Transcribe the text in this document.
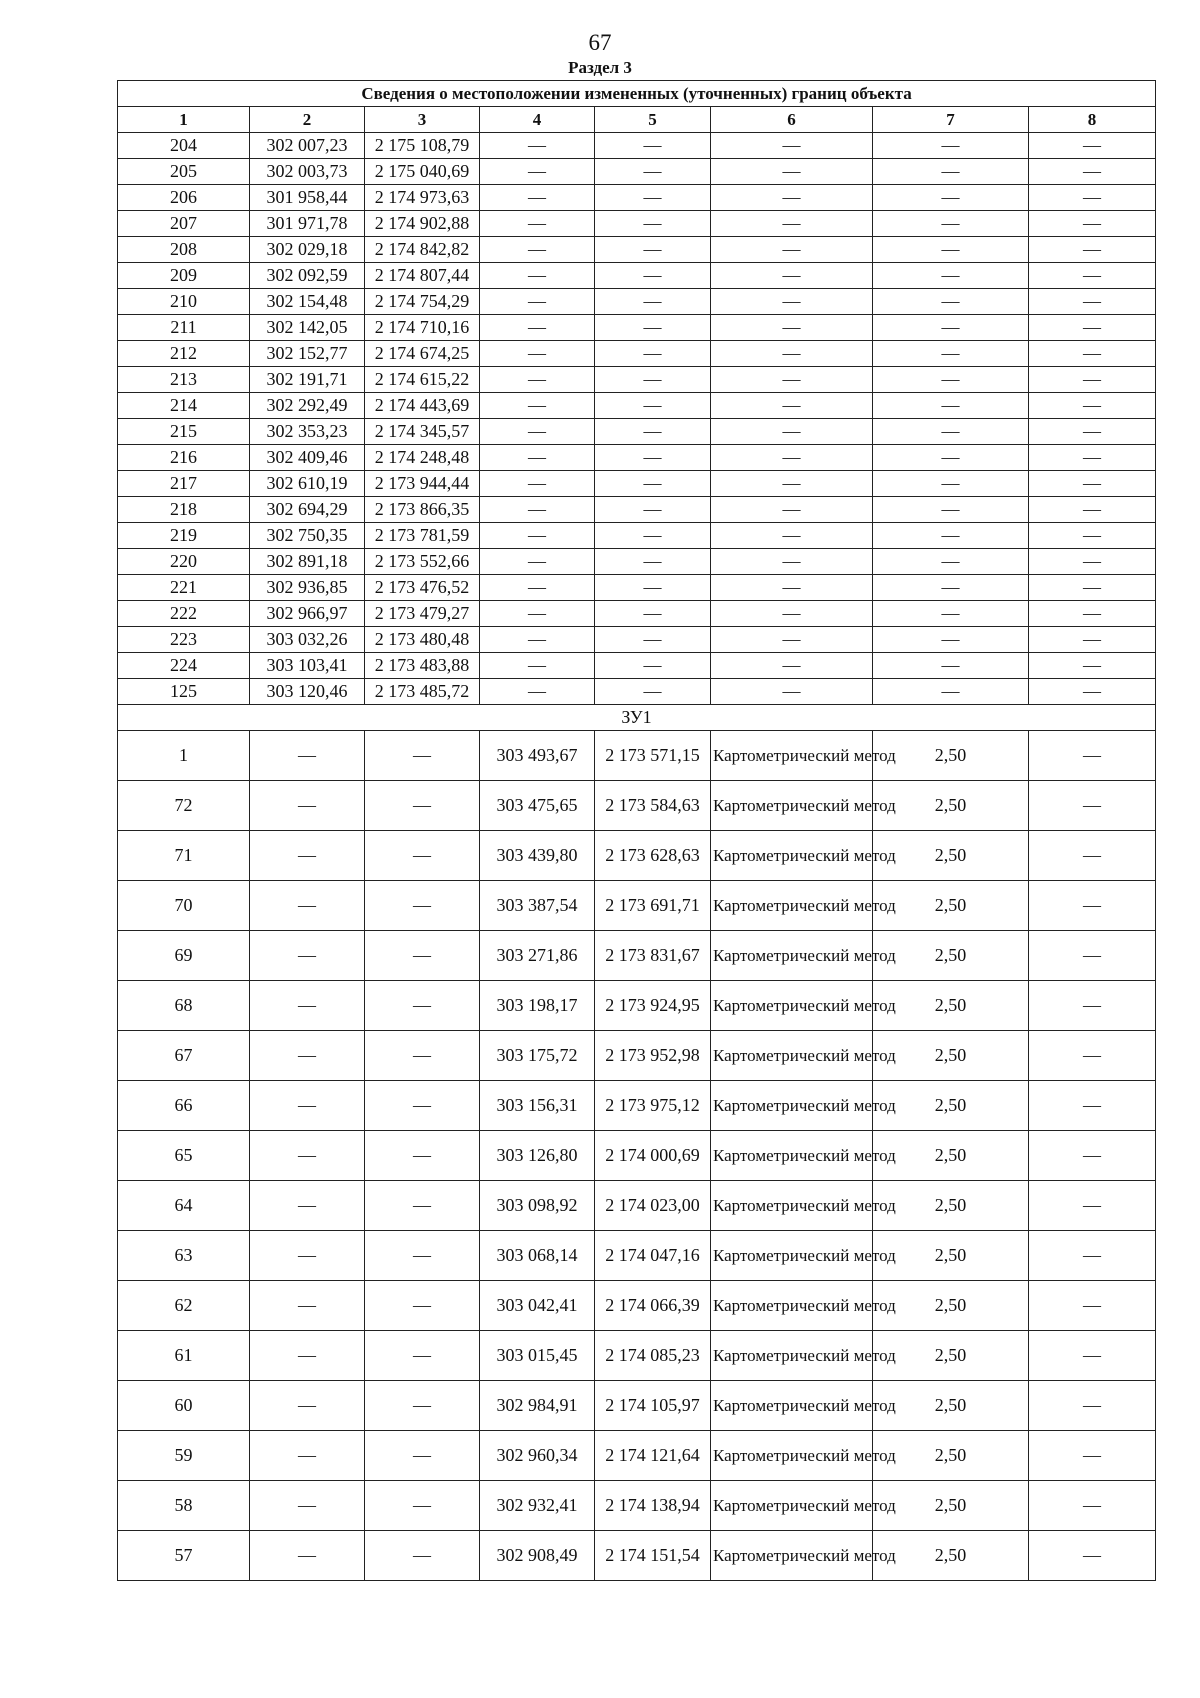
67
Раздел 3
Сведения о местоположении измененных (уточненных) границ объекта							
1	2	3	4	5	6	7	8
204	302 007,23	2 175 108,79	—	—	—	—	—
205	302 003,73	2 175 040,69	—	—	—	—	—
206	301 958,44	2 174 973,63	—	—	—	—	—
207	301 971,78	2 174 902,88	—	—	—	—	—
208	302 029,18	2 174 842,82	—	—	—	—	—
209	302 092,59	2 174 807,44	—	—	—	—	—
210	302 154,48	2 174 754,29	—	—	—	—	—
211	302 142,05	2 174 710,16	—	—	—	—	—
212	302 152,77	2 174 674,25	—	—	—	—	—
213	302 191,71	2 174 615,22	—	—	—	—	—
214	302 292,49	2 174 443,69	—	—	—	—	—
215	302 353,23	2 174 345,57	—	—	—	—	—
216	302 409,46	2 174 248,48	—	—	—	—	—
217	302 610,19	2 173 944,44	—	—	—	—	—
218	302 694,29	2 173 866,35	—	—	—	—	—
219	302 750,35	2 173 781,59	—	—	—	—	—
220	302 891,18	2 173 552,66	—	—	—	—	—
221	302 936,85	2 173 476,52	—	—	—	—	—
222	302 966,97	2 173 479,27	—	—	—	—	—
223	303 032,26	2 173 480,48	—	—	—	—	—
224	303 103,41	2 173 483,88	—	—	—	—	—
125	303 120,46	2 173 485,72	—	—	—	—	—
ЗУ1							
1	—	—	303 493,67	2 173 571,15	Картометрический метод	2,50	—
72	—	—	303 475,65	2 173 584,63	Картометрический метод	2,50	—
71	—	—	303 439,80	2 173 628,63	Картометрический метод	2,50	—
70	—	—	303 387,54	2 173 691,71	Картометрический метод	2,50	—
69	—	—	303 271,86	2 173 831,67	Картометрический метод	2,50	—
68	—	—	303 198,17	2 173 924,95	Картометрический метод	2,50	—
67	—	—	303 175,72	2 173 952,98	Картометрический метод	2,50	—
66	—	—	303 156,31	2 173 975,12	Картометрический метод	2,50	—
65	—	—	303 126,80	2 174 000,69	Картометрический метод	2,50	—
64	—	—	303 098,92	2 174 023,00	Картометрический метод	2,50	—
63	—	—	303 068,14	2 174 047,16	Картометрический метод	2,50	—
62	—	—	303 042,41	2 174 066,39	Картометрический метод	2,50	—
61	—	—	303 015,45	2 174 085,23	Картометрический метод	2,50	—
60	—	—	302 984,91	2 174 105,97	Картометрический метод	2,50	—
59	—	—	302 960,34	2 174 121,64	Картометрический метод	2,50	—
58	—	—	302 932,41	2 174 138,94	Картометрический метод	2,50	—
57	—	—	302 908,49	2 174 151,54	Картометрический метод	2,50	—
